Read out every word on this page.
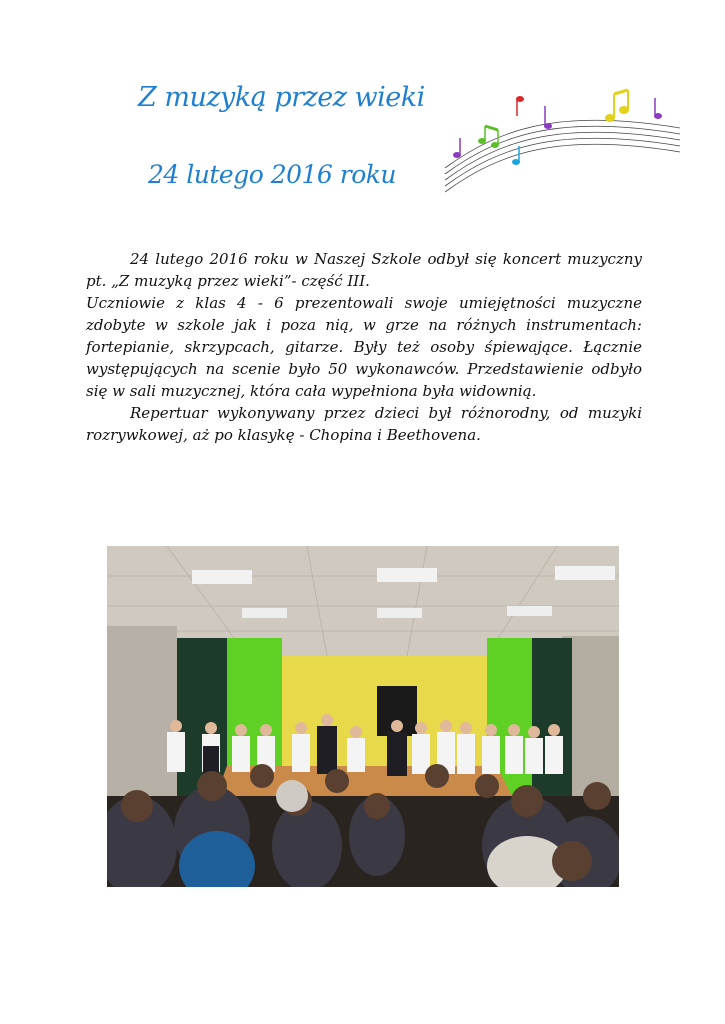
Z muzyką przez wieki
24 lutego 2016 roku

24 lutego 2016 roku w Naszej Szkole odbył się koncert muzyczny pt. „Z muzyką przez wieki”- część III.

Uczniowie z klas 4 - 6 prezentowali swoje umiejętności muzyczne zdobyte w szkole jak i poza nią, w grze na różnych instrumentach: fortepianie, skrzypcach, gitarze. Były też osoby śpiewające. Łącznie występujących na scenie było 50 wykonawców. Przedstawienie odbyło się w sali muzycznej, która cała wypełniona była widownią.

Repertuar wykonywany przez dzieci był różnorodny, od muzyki rozrywkowej, aż po klasykę - Chopina i Beethovena.
